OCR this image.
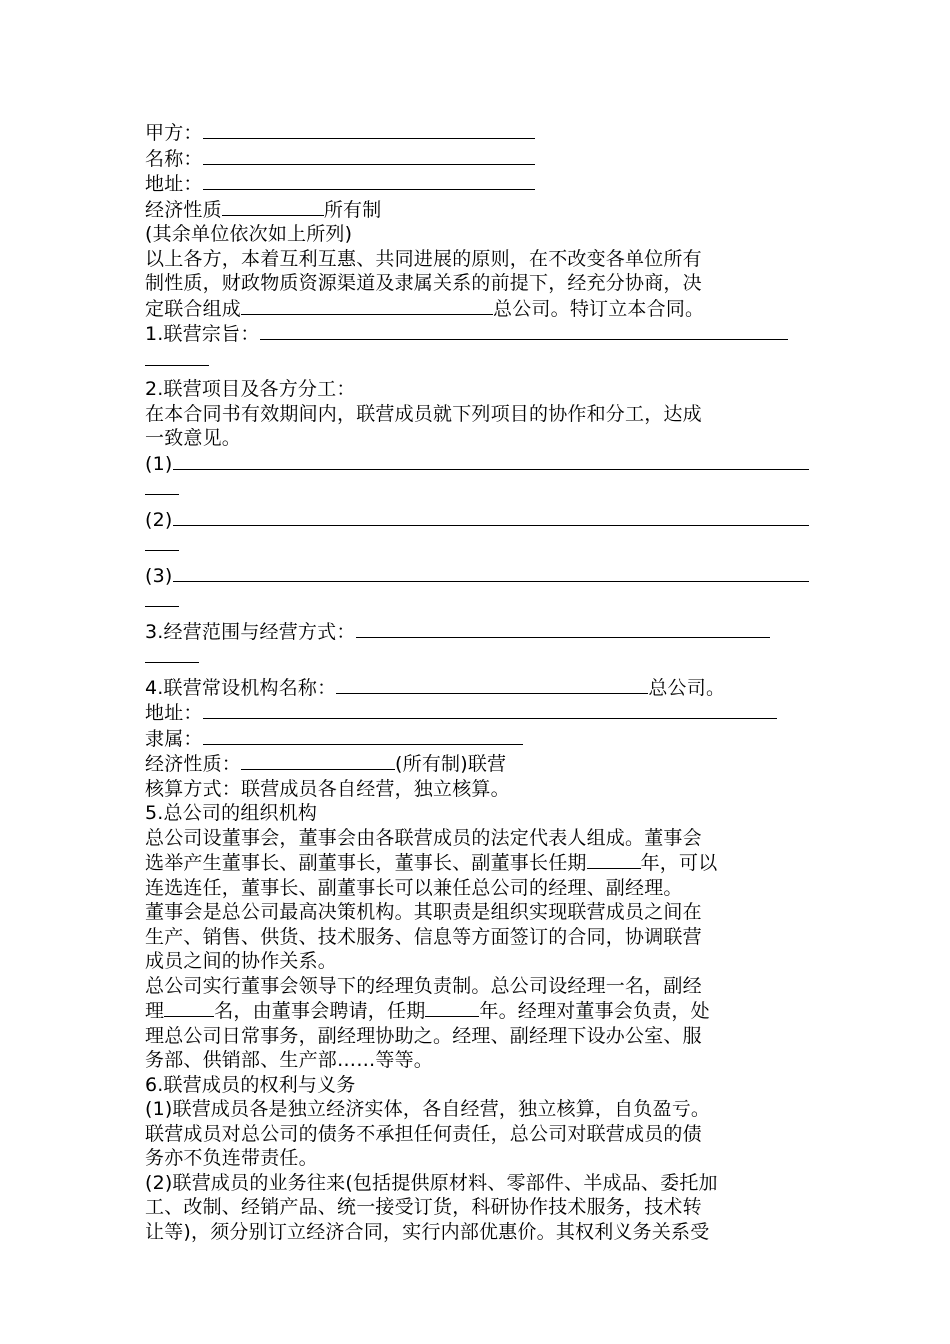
甲方：
名称：
地址：
经济性质	所有制
(其余单位依次如上所列)
以上各方，本着互利互惠、共同进展的原则，在不改变各单位所有
制性质，财政物质资源渠道及隶属关系的前提下，经充分协商，决
定联合组成	总公司。特订立本合同。
1.联营宗旨：
2.联营项目及各方分工：
在本合同书有效期间内，联营成员就下列项目的协作和分工，达成
一致意见。
(1)
(2)
(3)
3.经营范围与经营方式：
4.联营常设机构名称：	总公司。
地址：
隶属：
经济性质：	(所有制)联营
核算方式：联营成员各自经营，独立核算。
5.总公司的组织机构
总公司设董事会，董事会由各联营成员的法定代表人组成。董事会
选举产生董事长、副董事长，董事长、副董事长任期	年，可以
连选连任，董事长、副董事长可以兼任总公司的经理、副经理。
董事会是总公司最高决策机构。其职责是组织实现联营成员之间在
生产、销售、供货、技术服务、信息等方面签订的合同，协调联营
成员之间的协作关系。
总公司实行董事会领导下的经理负责制。总公司设经理一名，副经
理	名，由董事会聘请，任期	年。经理对董事会负责，处
理总公司日常事务，副经理协助之。经理、副经理下设办公室、服
务部、供销部、生产部……等等。
6.联营成员的权利与义务
(1)联营成员各是独立经济实体，各自经营，独立核算，自负盈亏。
联营成员对总公司的债务不承担任何责任，总公司对联营成员的债
务亦不负连带责任。
(2)联营成员的业务往来(包括提供原材料、零部件、半成品、委托加
工、改制、经销产品、统一接受订货，科研协作技术服务，技术转
让等)，须分别订立经济合同，实行内部优惠价。其权利义务关系受
